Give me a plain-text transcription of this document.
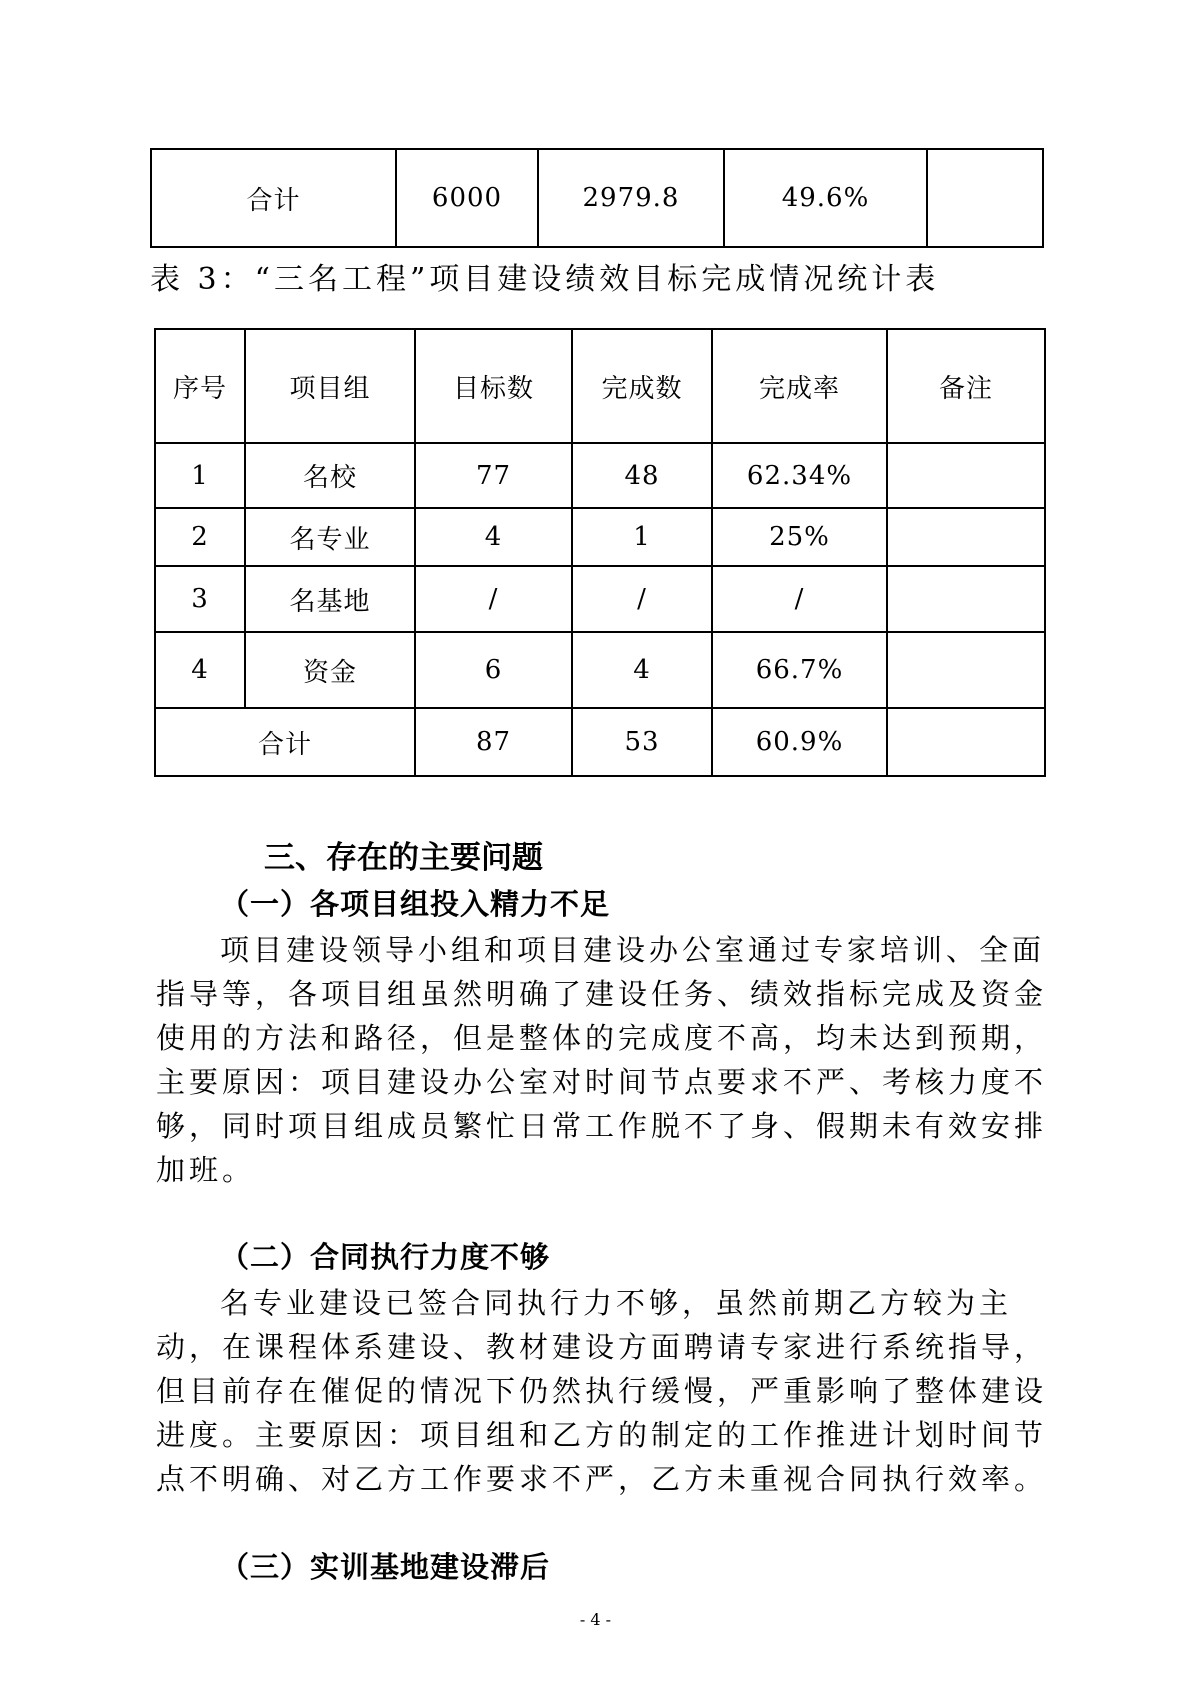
合计	6000	2979.8	49.6%	
表 3：“三名工程”项目建设绩效目标完成情况统计表
序号	项目组	目标数	完成数	完成率	备注
1	名校	77	48	62.34%	
2	名专业	4	1	25%	
3	名基地	/	/	/	
4	资金	6	4	66.7%	
合计		87	53	60.9%	
三、存在的主要问题
（一）各项目组投入精力不足
项目建设领导小组和项目建设办公室通过专家培训、全面
指导等，各项目组虽然明确了建设任务、绩效指标完成及资金
使用的方法和路径，但是整体的完成度不高，均未达到预期，
主要原因：项目建设办公室对时间节点要求不严、考核力度不
够，同时项目组成员繁忙日常工作脱不了身、假期未有效安排
加班。
（二）合同执行力度不够
名专业建设已签合同执行力不够，虽然前期乙方较为主
动，在课程体系建设、教材建设方面聘请专家进行系统指导，
但目前存在催促的情况下仍然执行缓慢，严重影响了整体建设
进度。主要原因：项目组和乙方的制定的工作推进计划时间节
点不明确、对乙方工作要求不严，乙方未重视合同执行效率。
（三）实训基地建设滞后
- 4 -
